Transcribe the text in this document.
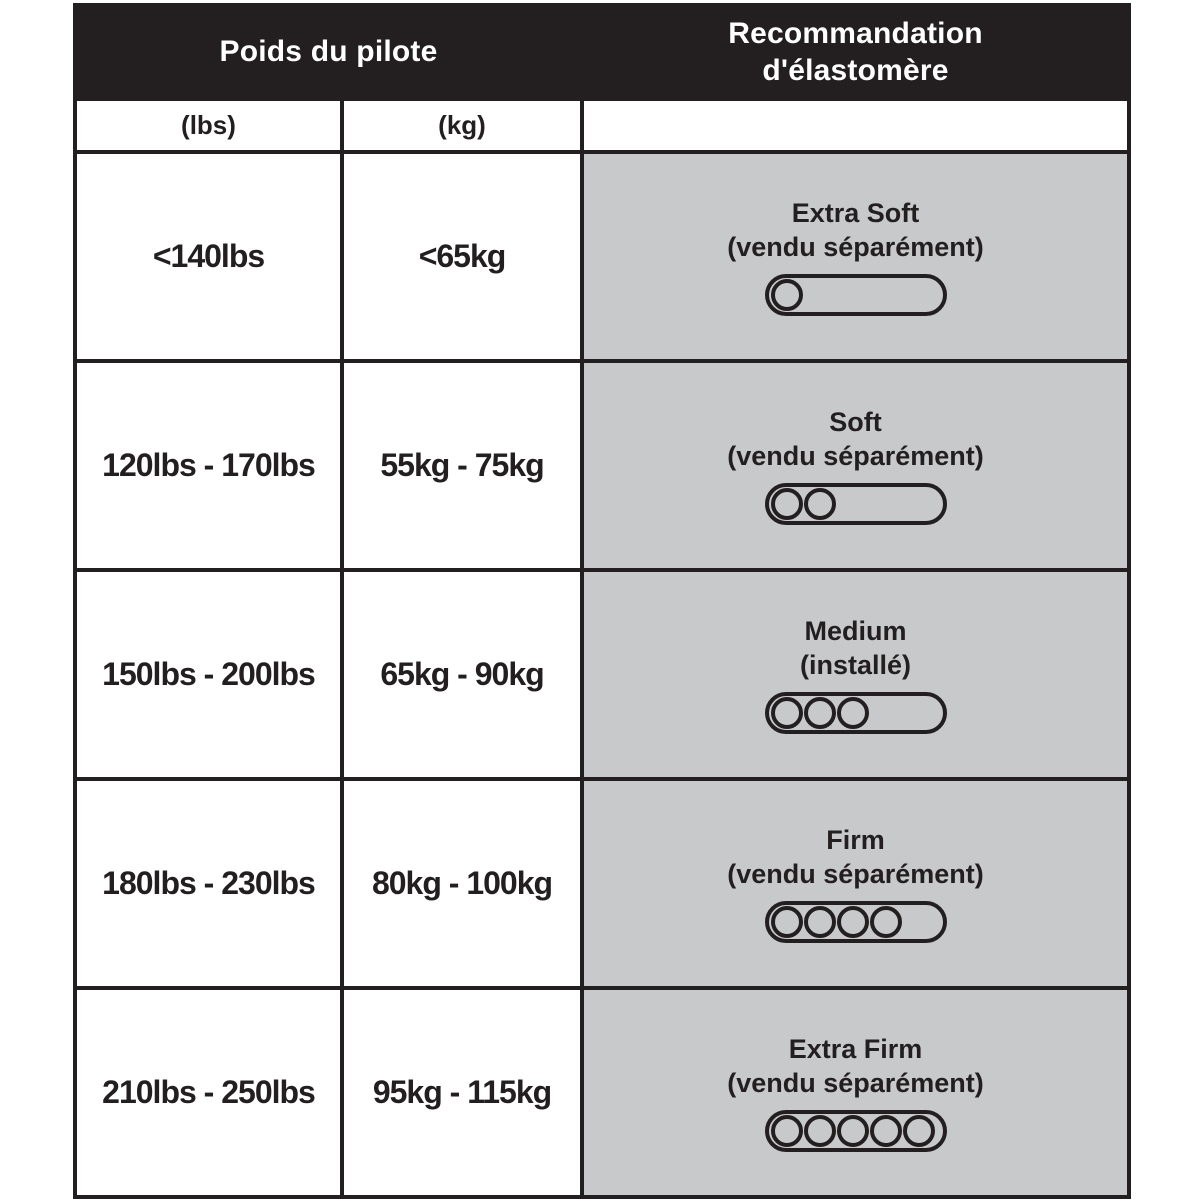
Poids du pilote		Recommandation
d'élastomère

(lbs)	(kg)	
<140lbs	<65kg	Extra Soft
(vendu séparément)

120lbs - 170lbs	55kg - 75kg	Soft
(vendu séparément)

150lbs - 200lbs	65kg - 90kg	Medium
(installé)

180lbs - 230lbs	80kg - 100kg	Firm
(vendu séparément)

210lbs - 250lbs	95kg - 115kg	Extra Firm
(vendu séparément)
